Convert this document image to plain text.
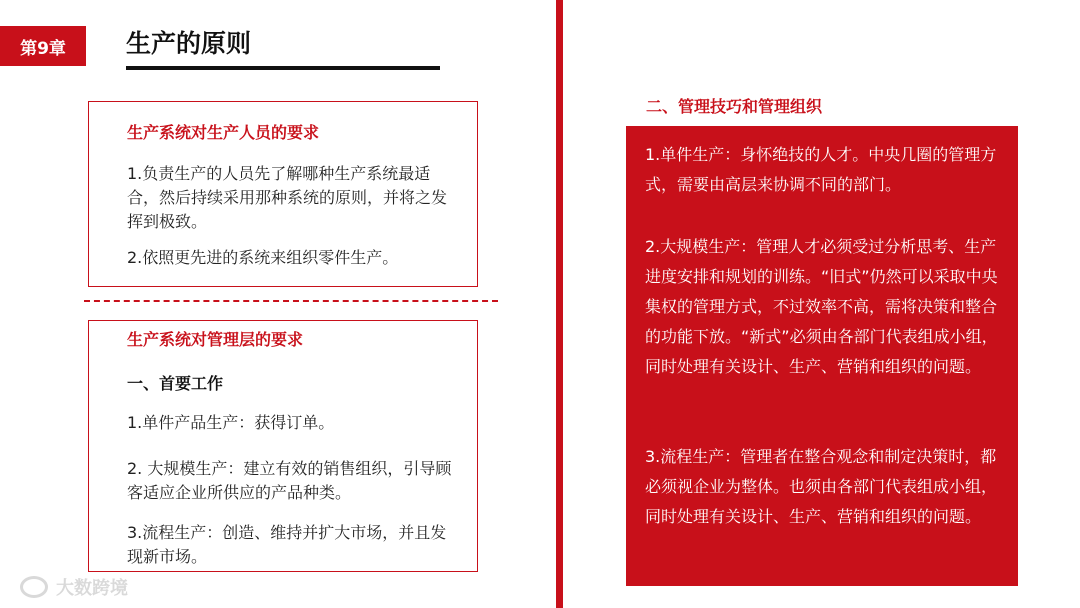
第9章	生产的原则
生产系统对生产人员的要求
1.负责生产的人员先了解哪种生产系统最适合，然后持续采用那种系统的原则，并将之发挥到极致。
2.依照更先进的系统来组织零件生产。
生产系统对管理层的要求
一、首要工作
1.单件产品生产：获得订单。
2. 大规模生产：建立有效的销售组织，引导顾客适应企业所供应的产品种类。
3.流程生产：创造、维持并扩大市场，并且发现新市场。
二、管理技巧和管理组织
1.单件生产：身怀绝技的人才。中央几圈的管理方式，需要由高层来协调不同的部门。
2.大规模生产：管理人才必须受过分析思考、生产进度安排和规划的训练。“旧式”仍然可以采取中央集权的管理方式，不过效率不高，需将决策和整合的功能下放。“新式”必须由各部门代表组成小组，同时处理有关设计、生产、营销和组织的问题。
3.流程生产：管理者在整合观念和制定决策时，都必须视企业为整体。也须由各部门代表组成小组，同时处理有关设计、生产、营销和组织的问题。
大数跨境
